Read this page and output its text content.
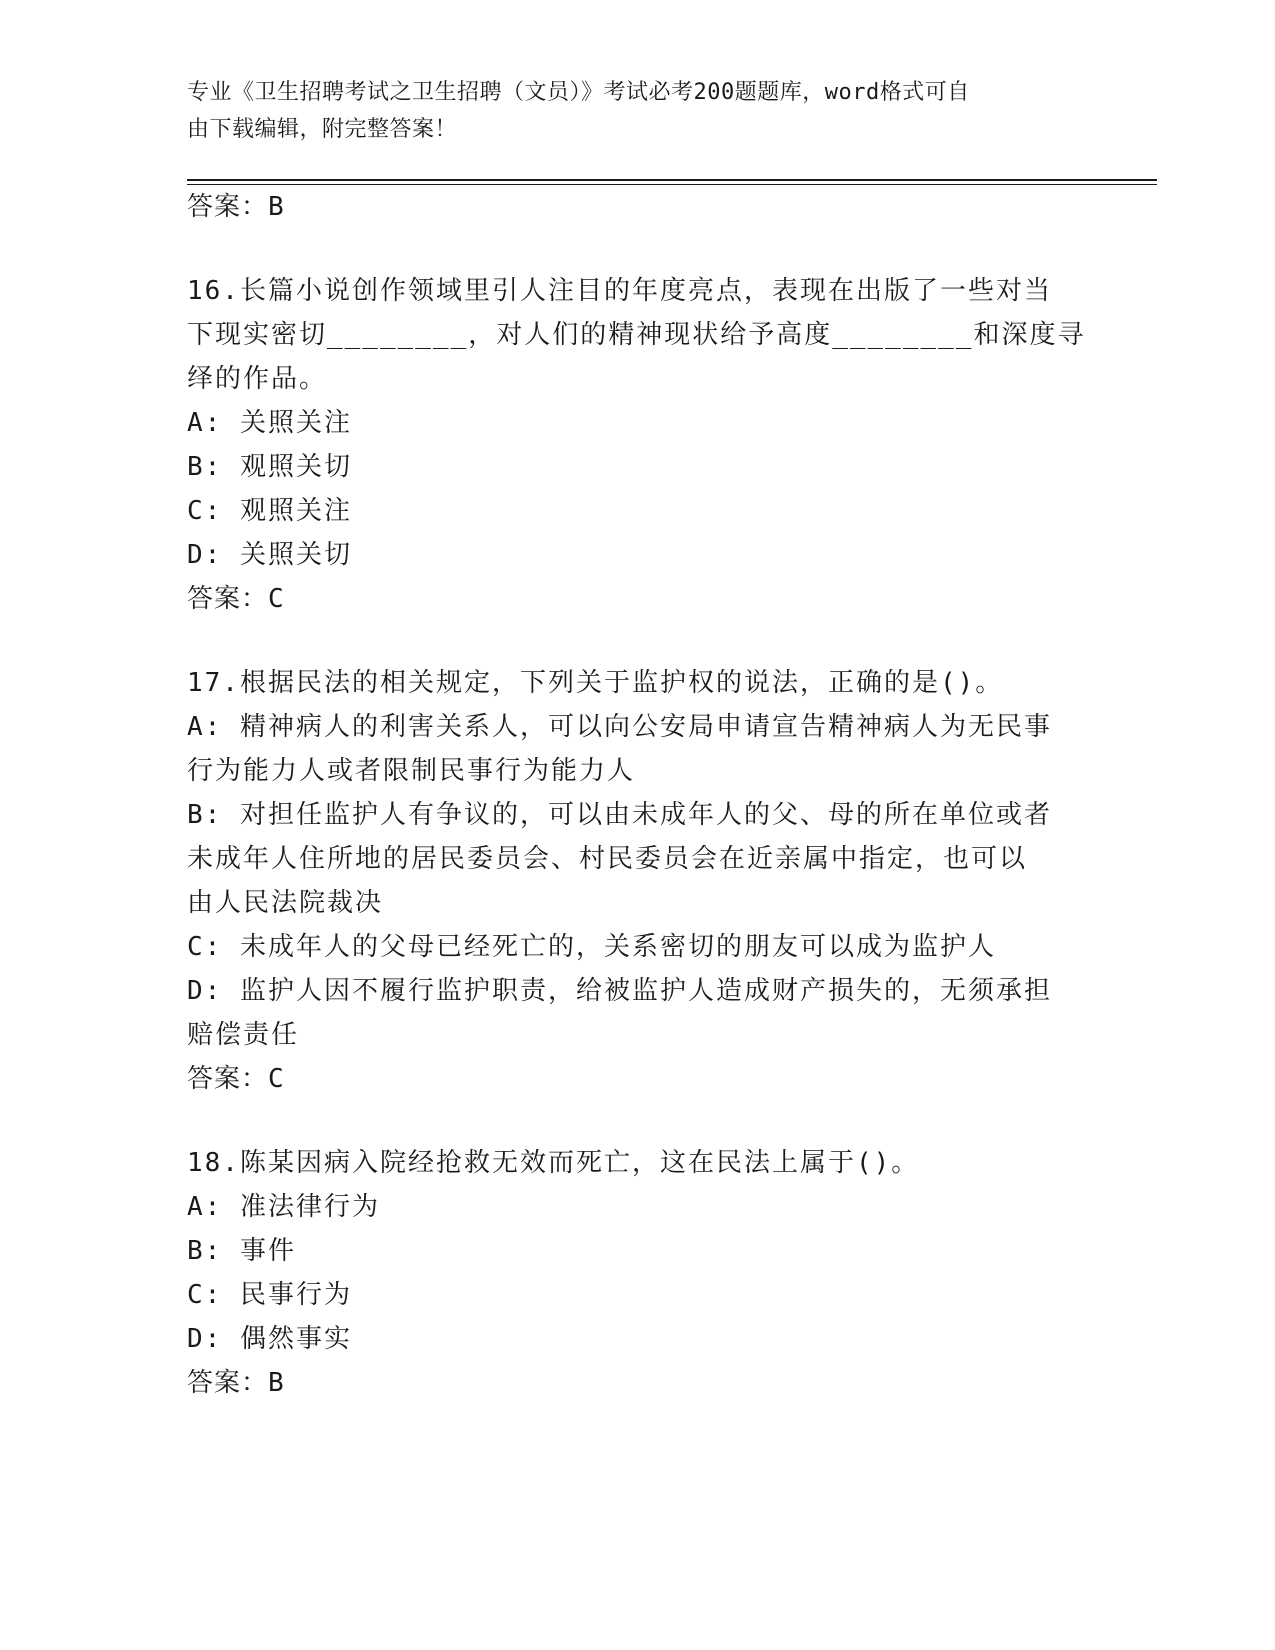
专业《卫生招聘考试之卫生招聘（文员）》考试必考200题题库，word格式可自
由下载编辑，附完整答案！
答案：B
16.长篇小说创作领域里引人注目的年度亮点，表现在出版了一些对当
下现实密切________，对人们的精神现状给予高度________和深度寻
绎的作品。
A: 关照关注
B: 观照关切
C: 观照关注
D: 关照关切
答案：C
17.根据民法的相关规定，下列关于监护权的说法，正确的是()。
A: 精神病人的利害关系人，可以向公安局申请宣告精神病人为无民事
行为能力人或者限制民事行为能力人
B: 对担任监护人有争议的，可以由未成年人的父、母的所在单位或者
未成年人住所地的居民委员会、村民委员会在近亲属中指定，也可以
由人民法院裁决
C: 未成年人的父母已经死亡的，关系密切的朋友可以成为监护人
D: 监护人因不履行监护职责，给被监护人造成财产损失的，无须承担
赔偿责任
答案：C
18.陈某因病入院经抢救无效而死亡，这在民法上属于()。
A: 准法律行为
B: 事件
C: 民事行为
D: 偶然事实
答案：B
